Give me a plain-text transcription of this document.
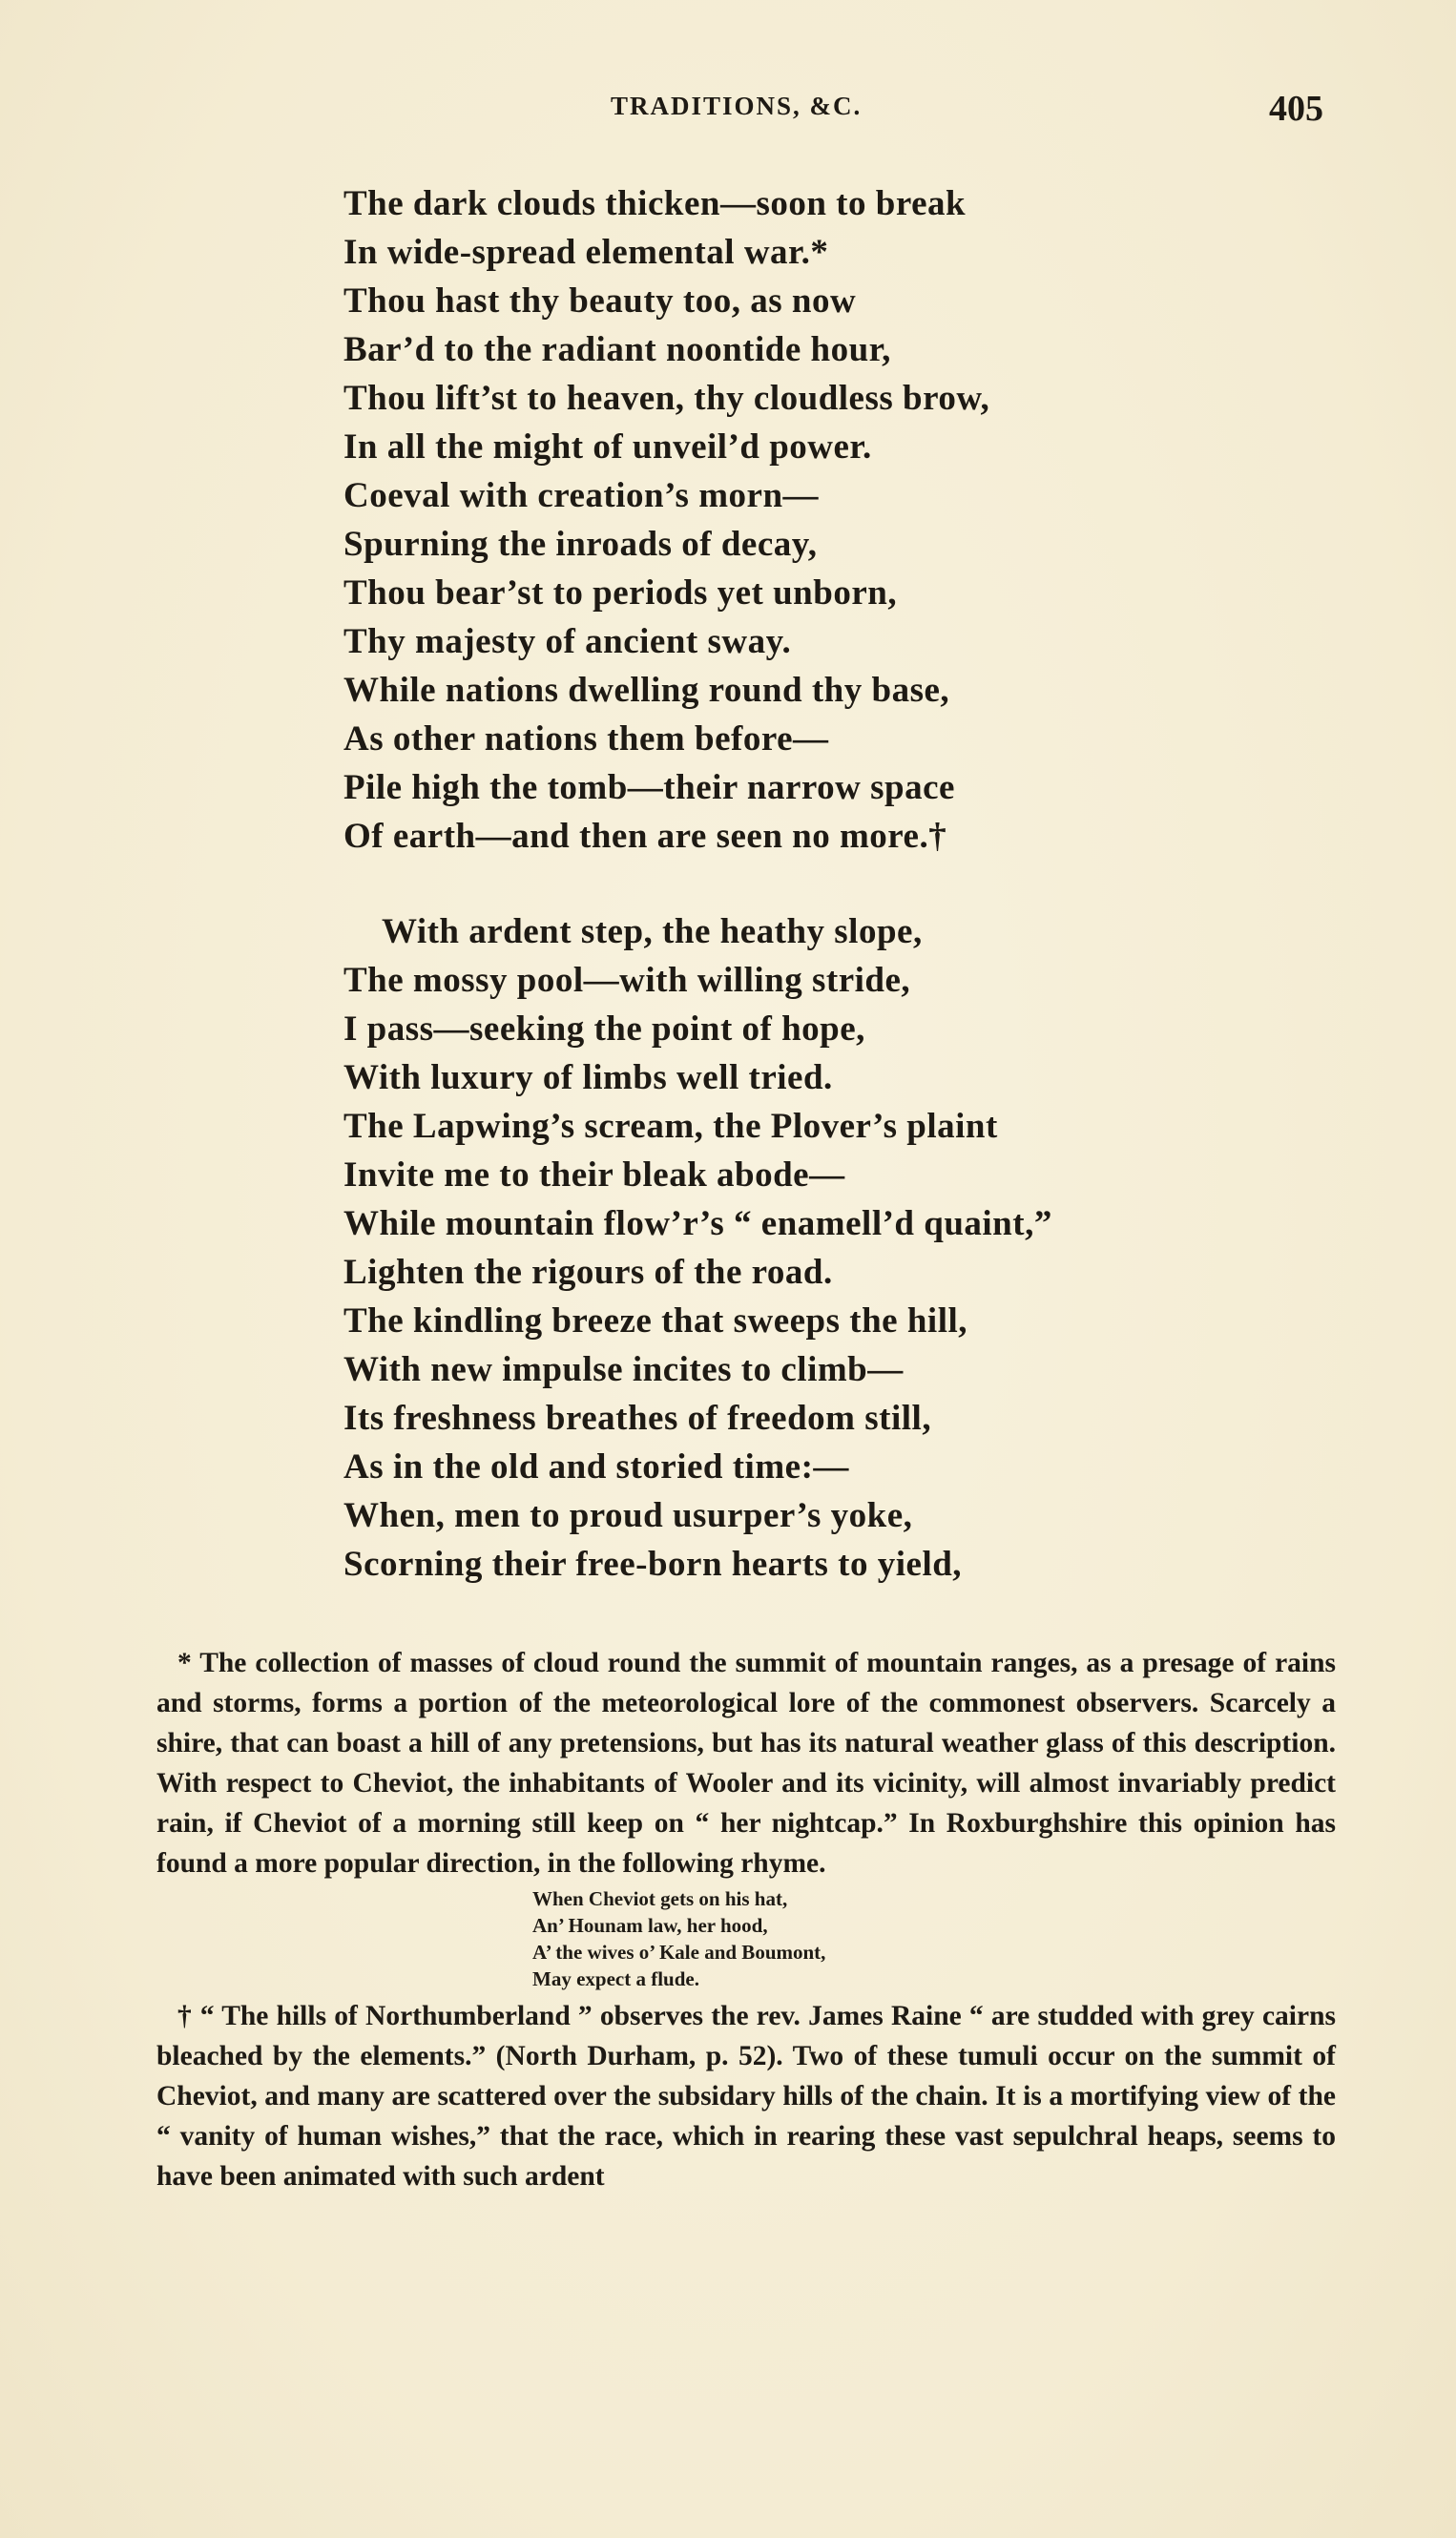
TRADITIONS, &C.	405
The dark clouds thicken—soon to break
In wide-spread elemental war.*
Thou hast thy beauty too, as now
Bar’d to the radiant noontide hour,
Thou lift’st to heaven, thy cloudless brow,
In all the might of unveil’d power.
Coeval with creation’s morn—
Spurning the inroads of decay,
Thou bear’st to periods yet unborn,
Thy majesty of ancient sway.
While nations dwelling round thy base,
As other nations them before—
Pile high the tomb—their narrow space
Of earth—and then are seen no more.†
With ardent step, the heathy slope,
The mossy pool—with willing stride,
I pass—seeking the point of hope,
With luxury of limbs well tried.
The Lapwing’s scream, the Plover’s plaint
Invite me to their bleak abode—
While mountain flow’r’s “ enamell’d quaint,”
Lighten the rigours of the road.
The kindling breeze that sweeps the hill,
With new impulse incites to climb—
Its freshness breathes of freedom still,
As in the old and storied time:—
When, men to proud usurper’s yoke,
Scorning their free-born hearts to yield,

* The collection of masses of cloud round the summit of mountain ranges, as a presage of rains and storms, forms a portion of the meteorological lore of the commonest observers. Scarcely a shire, that can boast a hill of any pretensions, but has its natural weather glass of this description. With respect to Cheviot, the inhabitants of Wooler and its vicinity, will almost invariably predict rain, if Cheviot of a morning still keep on “ her nightcap.” In Roxburghshire this opinion has found a more popular direction, in the following rhyme.

When Cheviot gets on his hat,
An’ Hounam law, her hood,
A’ the wives o’ Kale and Boumont,
May expect a flude.

† “ The hills of Northumberland ” observes the rev. James Raine “ are studded with grey cairns bleached by the elements.” (North Durham, p. 52). Two of these tumuli occur on the summit of Cheviot, and many are scattered over the subsidary hills of the chain. It is a mortifying view of the “ vanity of human wishes,” that the race, which in rearing these vast sepulchral heaps, seems to have been animated with such ardent
